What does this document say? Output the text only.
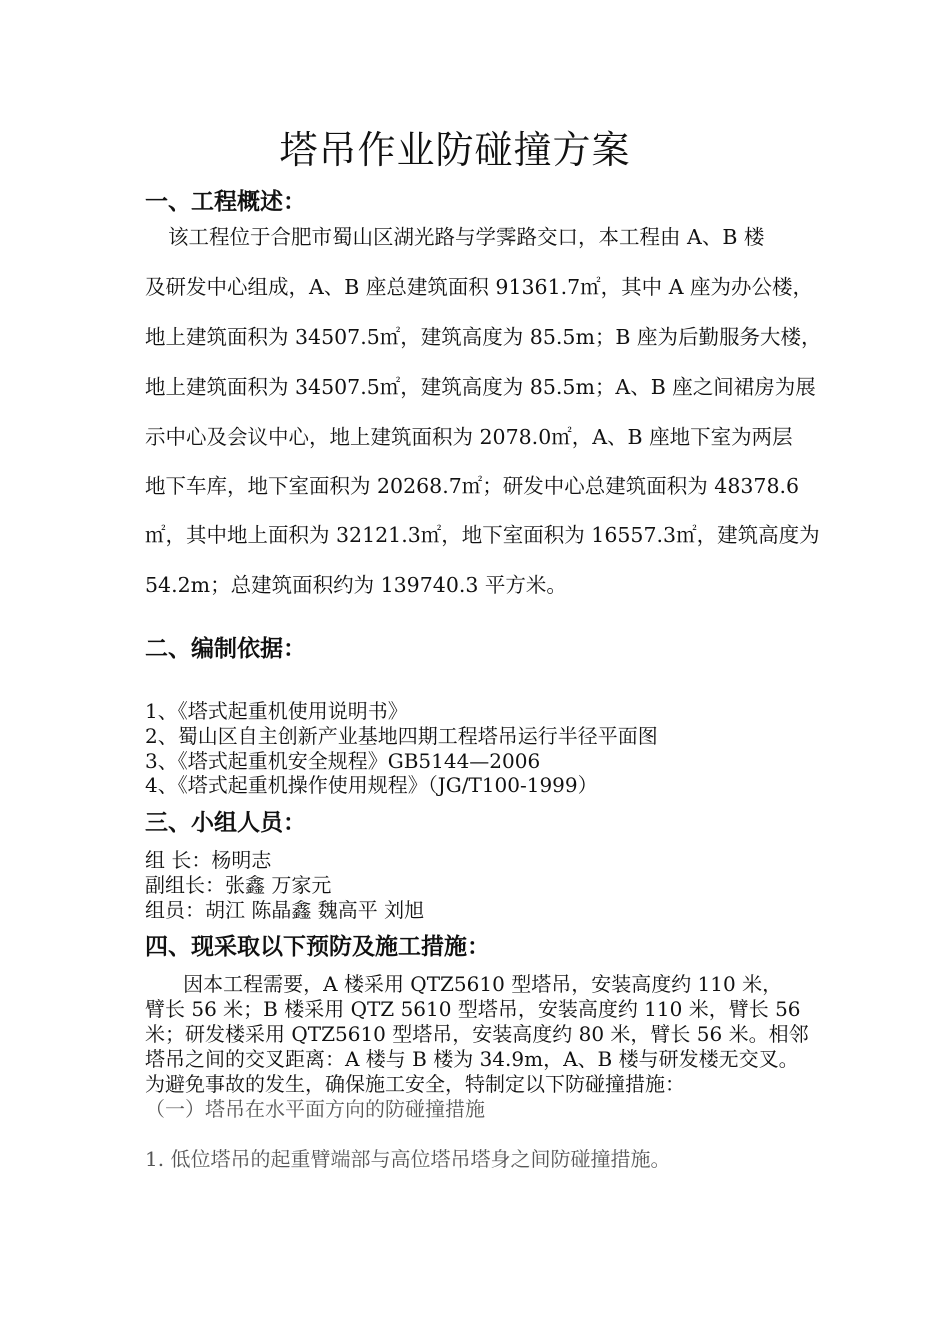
塔吊作业防碰撞方案
一、工程概述：
该工程位于合肥市蜀山区湖光路与学霁路交口，本工程由 A、B 楼
及研发中心组成，A、B 座总建筑面积 91361.7㎡，其中 A 座为办公楼，
地上建筑面积为 34507.5㎡，建筑高度为 85.5m；B 座为后勤服务大楼，
地上建筑面积为 34507.5㎡，建筑高度为 85.5m；A、B 座之间裙房为展
示中心及会议中心，地上建筑面积为 2078.0㎡，A、B 座地下室为两层
地下车库，地下室面积为 20268.7㎡；研发中心总建筑面积为 48378.6
㎡，其中地上面积为 32121.3㎡，地下室面积为 16557.3㎡，建筑高度为
54.2m；总建筑面积约为 139740.3 平方米。
二、编制依据：
1、《塔式起重机使用说明书》
2、蜀山区自主创新产业基地四期工程塔吊运行半径平面图
3、《塔式起重机安全规程》GB5144—2006
4、《塔式起重机操作使用规程》（JG/T100-1999）
三、小组人员：
组 长：杨明志
副组长：张鑫 万家元
组员：胡江 陈晶鑫 魏高平 刘旭
四、现采取以下预防及施工措施：
因本工程需要，A 楼采用 QTZ5610 型塔吊，安装高度约 110 米，
臂长 56 米；B 楼采用 QTZ 5610 型塔吊，安装高度约 110 米，臂长 56
米；研发楼采用 QTZ5610 型塔吊，安装高度约 80 米，臂长 56 米。相邻
塔吊之间的交叉距离：A 楼与 B 楼为 34.9m，A、B 楼与研发楼无交叉。
为避免事故的发生，确保施工安全，特制定以下防碰撞措施：
（一）塔吊在水平面方向的防碰撞措施
1. 低位塔吊的起重臂端部与高位塔吊塔身之间防碰撞措施。
